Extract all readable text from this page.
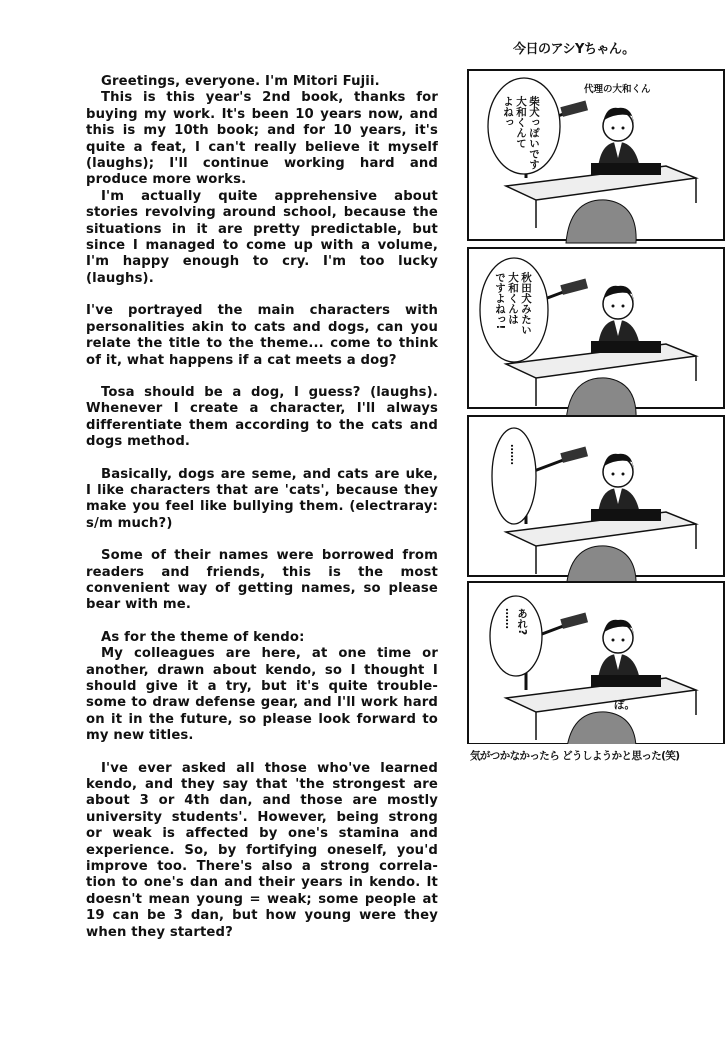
Greetings, everyone. I'm Mitori Fujii.

This is this year's 2nd book, thanks for buying my work. It's been 10 years now, and this is my 10th book; and for 10 years, it's quite a feat, I can't really believe it myself (laughs); I'll continue working hard and produce more works.

I'm actually quite apprehensive about stories revolving around school, because the situations in it are pretty predictable, but since I managed to come up with a volume, I'm happy enough to cry. I'm too lucky (laughs).

I've portrayed the main characters with personalities akin to cats and dogs, can you relate the title to the theme... come to think of it, what happens if a cat meets a dog?

Tosa should be a dog, I guess? (laughs). Whenever I create a character, I'll always differentiate them according to the cats and dogs method.

Basically, dogs are seme, and cats are uke, I like characters that are 'cats', because they make you feel like bullying them. (electraray: s/m much?)

Some of their names were borrowed from readers and friends, this is the most convenient way of getting names, so please bear with me.

As for the theme of kendo:

My colleagues are here, at one time or another, drawn about kendo, so I thought I should give it a try, but it's quite trouble-some to draw defense gear, and I'll work hard on it in the future, so please look forward to my new titles.

I've ever asked all those who've learned kendo, and they say that 'the strongest are about 3 or 4th dan, and those are mostly university students'. However, being strong or weak is affected by one's stamina and experience. So, by fortifying oneself, you'd improve too. There's also a strong correla-tion to one's dan and their years in kendo. It doesn't mean young = weak; some people at 19 can be 3 dan, but how young were they when they started?

今日のアシYちゃん。
柴犬っぽいです
大和くんて
よねっ
代理の大和くん
秋田犬みたい
大和くんは
ですよねっ!
……
あれ?
……
ぽ。
気がつかなかったら どうしようかと思った(笑)
